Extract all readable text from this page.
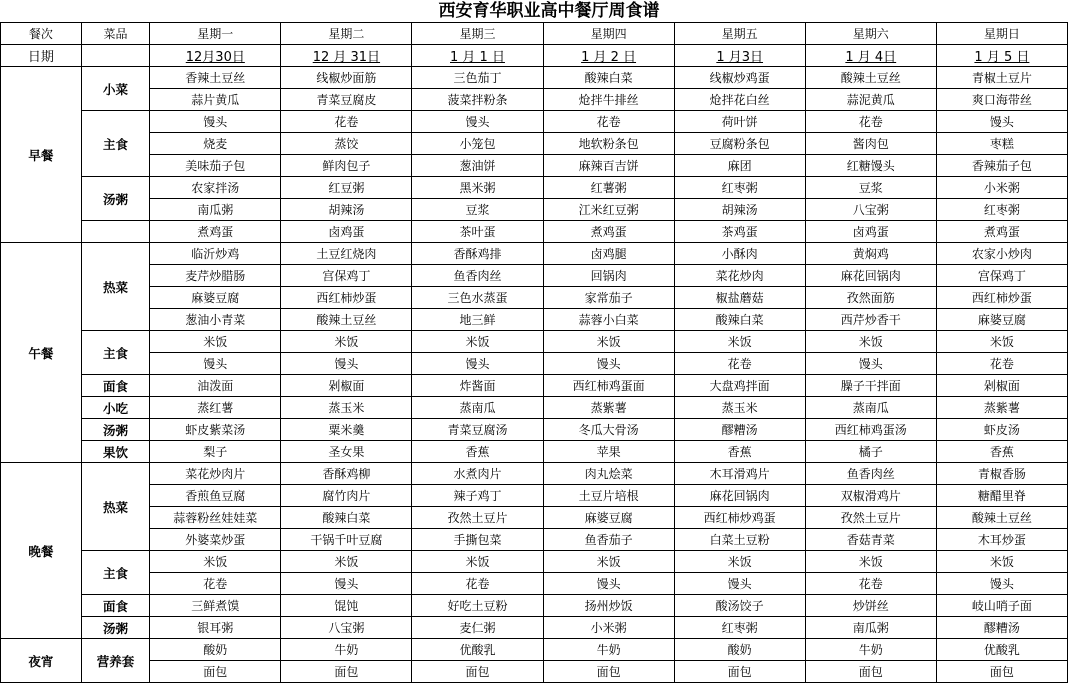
西安育华职业高中餐厅周食谱
餐次	菜品	星期一	星期二	星期三	星期四	星期五	星期六	星期日
日期		12月30日	12 月 31日	1 月 1 日	1 月 2 日	1 月3日	1 月 4日	1 月 5 日
早餐	小菜	香辣土豆丝	线椒炒面筋	三色茄丁	酸辣白菜	线椒炒鸡蛋	酸辣土豆丝	青椒土豆片
		蒜片黄瓜	青菜豆腐皮	菠菜拌粉条	炝拌牛排丝	炝拌花白丝	蒜泥黄瓜	爽口海带丝
	主食	馒头	花卷	馒头	花卷	荷叶饼	花卷	馒头
		烧麦	蒸饺	小笼包	地软粉条包	豆腐粉条包	酱肉包	枣糕
		美味茄子包	鲜肉包子	葱油饼	麻辣百吉饼	麻团	红糖馒头	香辣茄子包
	汤粥	农家拌汤	红豆粥	黑米粥	红薯粥	红枣粥	豆浆	小米粥
		南瓜粥	胡辣汤	豆浆	江米红豆粥	胡辣汤	八宝粥	红枣粥
		煮鸡蛋	卤鸡蛋	茶叶蛋	煮鸡蛋	茶鸡蛋	卤鸡蛋	煮鸡蛋
午餐	热菜	临沂炒鸡	土豆红烧肉	香酥鸡排	卤鸡腿	小酥肉	黄焖鸡	农家小炒肉
		麦芹炒腊肠	宫保鸡丁	鱼香肉丝	回锅肉	菜花炒肉	麻花回锅肉	宫保鸡丁
		麻婆豆腐	西红柿炒蛋	三色水蒸蛋	家常茄子	椒盐蘑菇	孜然面筋	西红柿炒蛋
		葱油小青菜	酸辣土豆丝	地三鲜	蒜蓉小白菜	酸辣白菜	西芹炒香干	麻婆豆腐
	主食	米饭	米饭	米饭	米饭	米饭	米饭	米饭
		馒头	馒头	馒头	馒头	花卷	馒头	花卷
	面食	油泼面	剁椒面	炸酱面	西红柿鸡蛋面	大盘鸡拌面	臊子干拌面	剁椒面
	小吃	蒸红薯	蒸玉米	蒸南瓜	蒸紫薯	蒸玉米	蒸南瓜	蒸紫薯
	汤粥	虾皮紫菜汤	粟米羹	青菜豆腐汤	冬瓜大骨汤	醪糟汤	西红柿鸡蛋汤	虾皮汤
	果饮	梨子	圣女果	香蕉	苹果	香蕉	橘子	香蕉
晚餐	热菜	菜花炒肉片	香酥鸡柳	水煮肉片	肉丸烩菜	木耳滑鸡片	鱼香肉丝	青椒香肠
		香煎鱼豆腐	腐竹肉片	辣子鸡丁	土豆片培根	麻花回锅肉	双椒滑鸡片	糖醋里脊
		蒜蓉粉丝娃娃菜	酸辣白菜	孜然土豆片	麻婆豆腐	西红柿炒鸡蛋	孜然土豆片	酸辣土豆丝
		外婆菜炒蛋	干锅千叶豆腐	手撕包菜	鱼香茄子	白菜土豆粉	香菇青菜	木耳炒蛋
	主食	米饭	米饭	米饭	米饭	米饭	米饭	米饭
		花卷	馒头	花卷	馒头	馒头	花卷	馒头
	面食	三鲜煮馍	馄饨	好吃土豆粉	扬州炒饭	酸汤饺子	炒饼丝	岐山哨子面
	汤粥	银耳粥	八宝粥	麦仁粥	小米粥	红枣粥	南瓜粥	醪糟汤
夜宵	营养套	酸奶	牛奶	优酸乳	牛奶	酸奶	牛奶	优酸乳
		面包	面包	面包	面包	面包	面包	面包
